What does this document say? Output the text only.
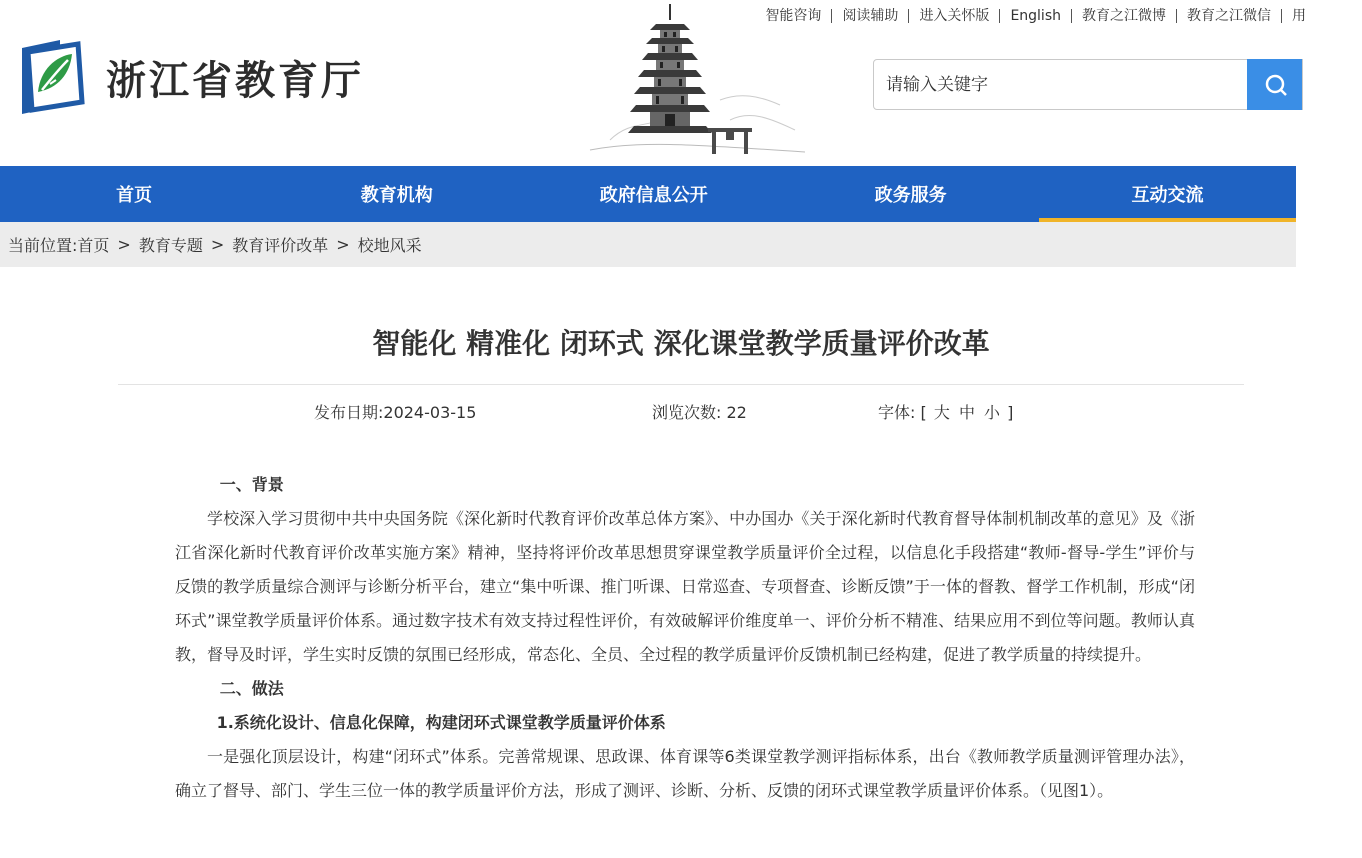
浙江省教育厅
智能咨询	阅读辅助	进入关怀版	English	教育之江微博	教育之江微信	用
请输入关键字
首页	教育机构	政府信息公开	政务服务	互动交流
当前位置: 首页 > 教育专题 > 教育评价改革 > 校地风采
智能化 精准化 闭环式 深化课堂教学质量评价改革
发布日期:2024-03-15	浏览次数: 22	字体: [ 大 中 小 ]

一、背景

学校深入学习贯彻中共中央国务院《深化新时代教育评价改革总体方案》、中办国办《关于深化新时代教育督导体制机制改革的意见》及《浙江省深化新时代教育评价改革实施方案》精神，坚持将评价改革思想贯穿课堂教学质量评价全过程，以信息化手段搭建“教师-督导-学生”评价与反馈的教学质量综合测评与诊断分析平台，建立“集中听课、推门听课、日常巡查、专项督查、诊断反馈”于一体的督教、督学工作机制，形成“闭环式”课堂教学质量评价体系。通过数字技术有效支持过程性评价，有效破解评价维度单一、评价分析不精准、结果应用不到位等问题。教师认真教，督导及时评，学生实时反馈的氛围已经形成，常态化、全员、全过程的教学质量评价反馈机制已经构建，促进了教学质量的持续提升。

二、做法

1.系统化设计、信息化保障，构建闭环式课堂教学质量评价体系

一是强化顶层设计，构建“闭环式”体系。完善常规课、思政课、体育课等6类课堂教学测评指标体系，出台《教师教学质量测评管理办法》，确立了督导、部门、学生三位一体的教学质量评价方法，形成了测评、诊断、分析、反馈的闭环式课堂教学质量评价体系。（见图1）。
